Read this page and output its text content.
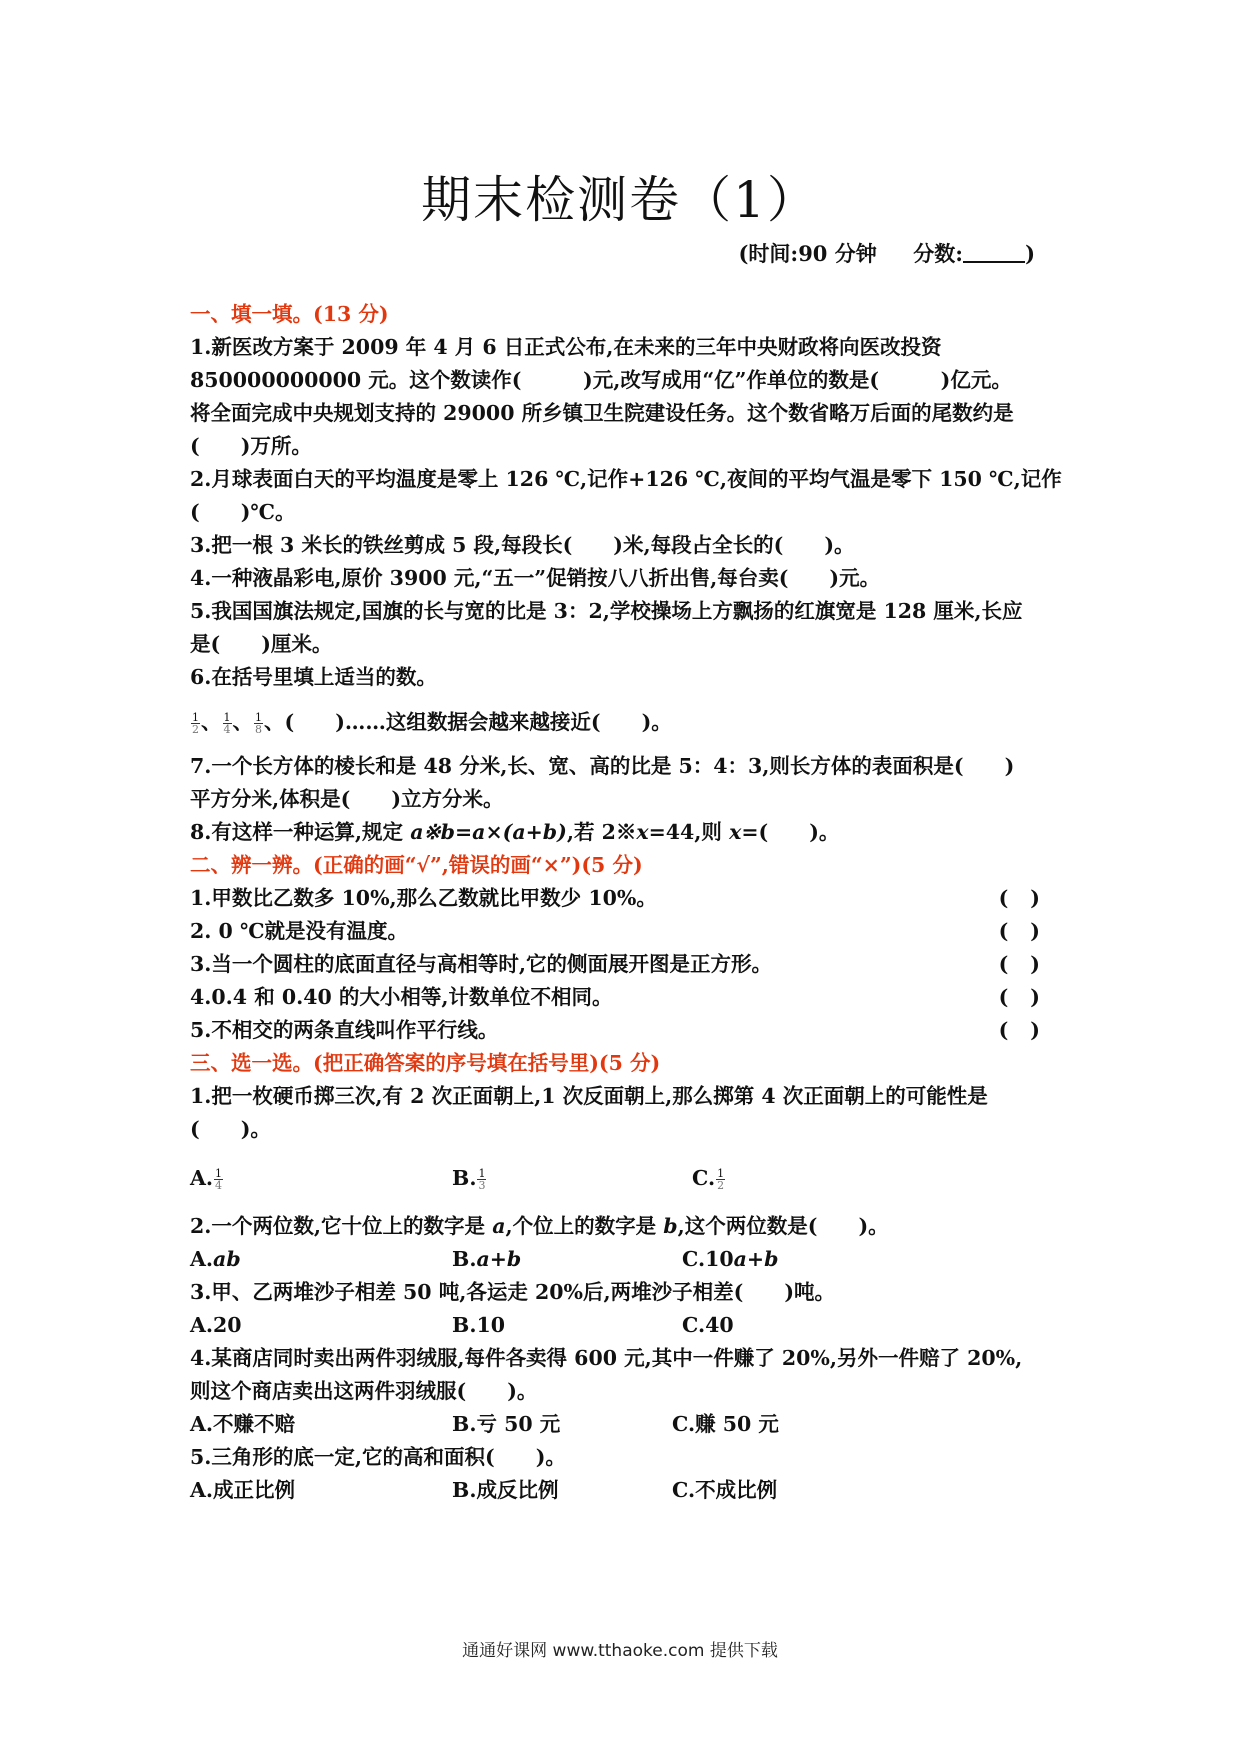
期末检测卷（1）
(时间:90 分钟 分数:	)
一、填一填。(13 分)
1.新医改方案于 2009 年 4 月 6 日正式公布,在未来的三年中央财政将向医改投资
850000000000 元。这个数读作(　　　)元,改写成用“亿”作单位的数是(　　　)亿元。
将全面完成中央规划支持的 29000 所乡镇卫生院建设任务。这个数省略万后面的尾数约是
(　　)万所。
2.月球表面白天的平均温度是零上 126 ℃,记作+126 ℃,夜间的平均气温是零下 150 ℃,记作
(　　)℃。
3.把一根 3 米长的铁丝剪成 5 段,每段长(　　)米,每段占全长的(　　)。
4.一种液晶彩电,原价 3900 元,“五一”促销按八八折出售,每台卖(　　)元。
5.我国国旗法规定,国旗的长与宽的比是 3：2,学校操场上方飘扬的红旗宽是 128 厘米,长应
是(　　)厘米。
6.在括号里填上适当的数。
$\frac{1}{2}$ 、 $\frac{1}{4}$ 、 $\frac{1}{8}$ 、(　　)……这组数据会越来越接近(　　)。
7.一个长方体的棱长和是 48 分米,长、宽、高的比是 5：4：3,则长方体的表面积是(　　)
平方分米,体积是(　　)立方分米。
8.有这样一种运算,规定 a※b=a×(a+b),若 2※x=44,则 x=(　　)。
二、辨一辨。(正确的画“√”,错误的画“×”)(5 分)
1.甲数比乙数多 10%,那么乙数就比甲数少 10%。	()
2. 0 ℃就是没有温度。	()
3.当一个圆柱的底面直径与高相等时,它的侧面展开图是正方形。	()
4.0.4 和 0.40 的大小相等,计数单位不相同。	()
5.不相交的两条直线叫作平行线。	()
三、选一选。(把正确答案的序号填在括号里)(5 分)
1.把一枚硬币掷三次,有 2 次正面朝上,1 次反面朝上,那么掷第 4 次正面朝上的可能性是
(　　)。
A. $\frac{1}{4}$	B. $\frac{1}{3}$	C. $\frac{1}{2}$
2.一个两位数,它十位上的数字是 a,个位上的数字是 b,这个两位数是(　　)。
A.ab	B.a+b	C.10a+b
3.甲、乙两堆沙子相差 50 吨,各运走 20%后,两堆沙子相差(　　)吨。
A.20	B.10	C.40
4.某商店同时卖出两件羽绒服,每件各卖得 600 元,其中一件赚了 20%,另外一件赔了 20%,
则这个商店卖出这两件羽绒服(　　)。
A.不赚不赔	B.亏 50 元	C.赚 50 元
5.三角形的底一定,它的高和面积(　　)。
A.成正比例	B.成反比例	C.不成比例
通通好课网 www.tthaoke.com 提供下载
